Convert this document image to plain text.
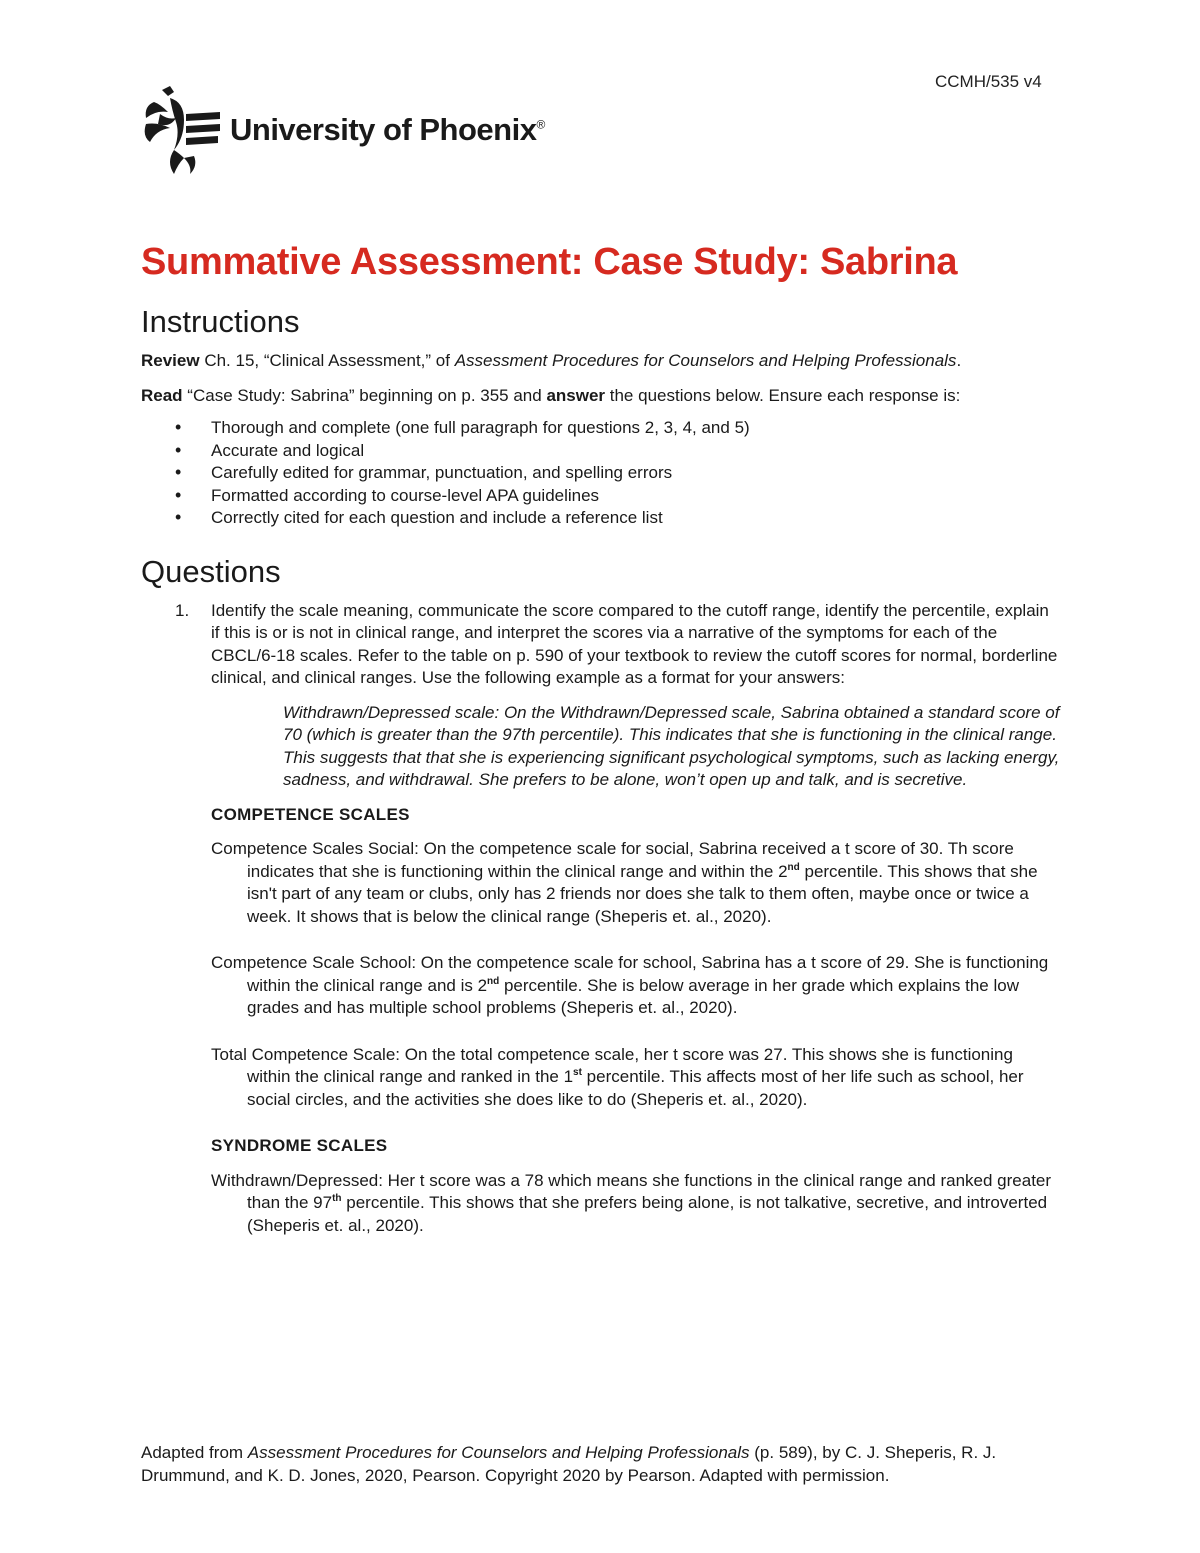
CCMH/535 v4
University of Phoenix®
Summative Assessment: Case Study: Sabrina
Instructions

Review Ch. 15, “Clinical Assessment,” of Assessment Procedures for Counselors and Helping Professionals.

Read “Case Study: Sabrina” beginning on p. 355 and answer the questions below. Ensure each response is:

• Thorough and complete (one full paragraph for questions 2, 3, 4, and 5)
• Accurate and logical
• Carefully edited for grammar, punctuation, and spelling errors
• Formatted according to course-level APA guidelines
• Correctly cited for each question and include a reference list
Questions
1. Identify the scale meaning, communicate the score compared to the cutoff range, identify the percentile, explain if this is or is not in clinical range, and interpret the scores via a narrative of the symptoms for each of the CBCL/6-18 scales. Refer to the table on p. 590 of your textbook to review the cutoff scores for normal, borderline clinical, and clinical ranges. Use the following example as a format for your answers:
Withdrawn/Depressed scale: On the Withdrawn/Depressed scale, Sabrina obtained a standard score of 70 (which is greater than the 97th percentile). This indicates that she is functioning in the clinical range. This suggests that that she is experiencing significant psychological symptoms, such as lacking energy, sadness, and withdrawal. She prefers to be alone, won’t open up and talk, and is secretive.
COMPETENCE SCALES
Competence Scales Social: On the competence scale for social, Sabrina received a t score of 30. Th score indicates that she is functioning within the clinical range and within the 2nd percentile. This shows that she isn't part of any team or clubs, only has 2 friends nor does she talk to them often, maybe once or twice a week. It shows that is below the clinical range (Sheperis et. al., 2020).
Competence Scale School: On the competence scale for school, Sabrina has a t score of 29. She is functioning within the clinical range and is 2nd percentile. She is below average in her grade which explains the low grades and has multiple school problems (Sheperis et. al., 2020).
Total Competence Scale: On the total competence scale, her t score was 27. This shows she is functioning within the clinical range and ranked in the 1st percentile. This affects most of her life such as school, her social circles, and the activities she does like to do (Sheperis et. al., 2020).
SYNDROME SCALES
Withdrawn/Depressed: Her t score was a 78 which means she functions in the clinical range and ranked greater than the 97th percentile. This shows that she prefers being alone, is not talkative, secretive, and introverted (Sheperis et. al., 2020).
Adapted from Assessment Procedures for Counselors and Helping Professionals (p. 589), by C. J. Sheperis, R. J. Drummund, and K. D. Jones, 2020, Pearson. Copyright 2020 by Pearson. Adapted with permission.
